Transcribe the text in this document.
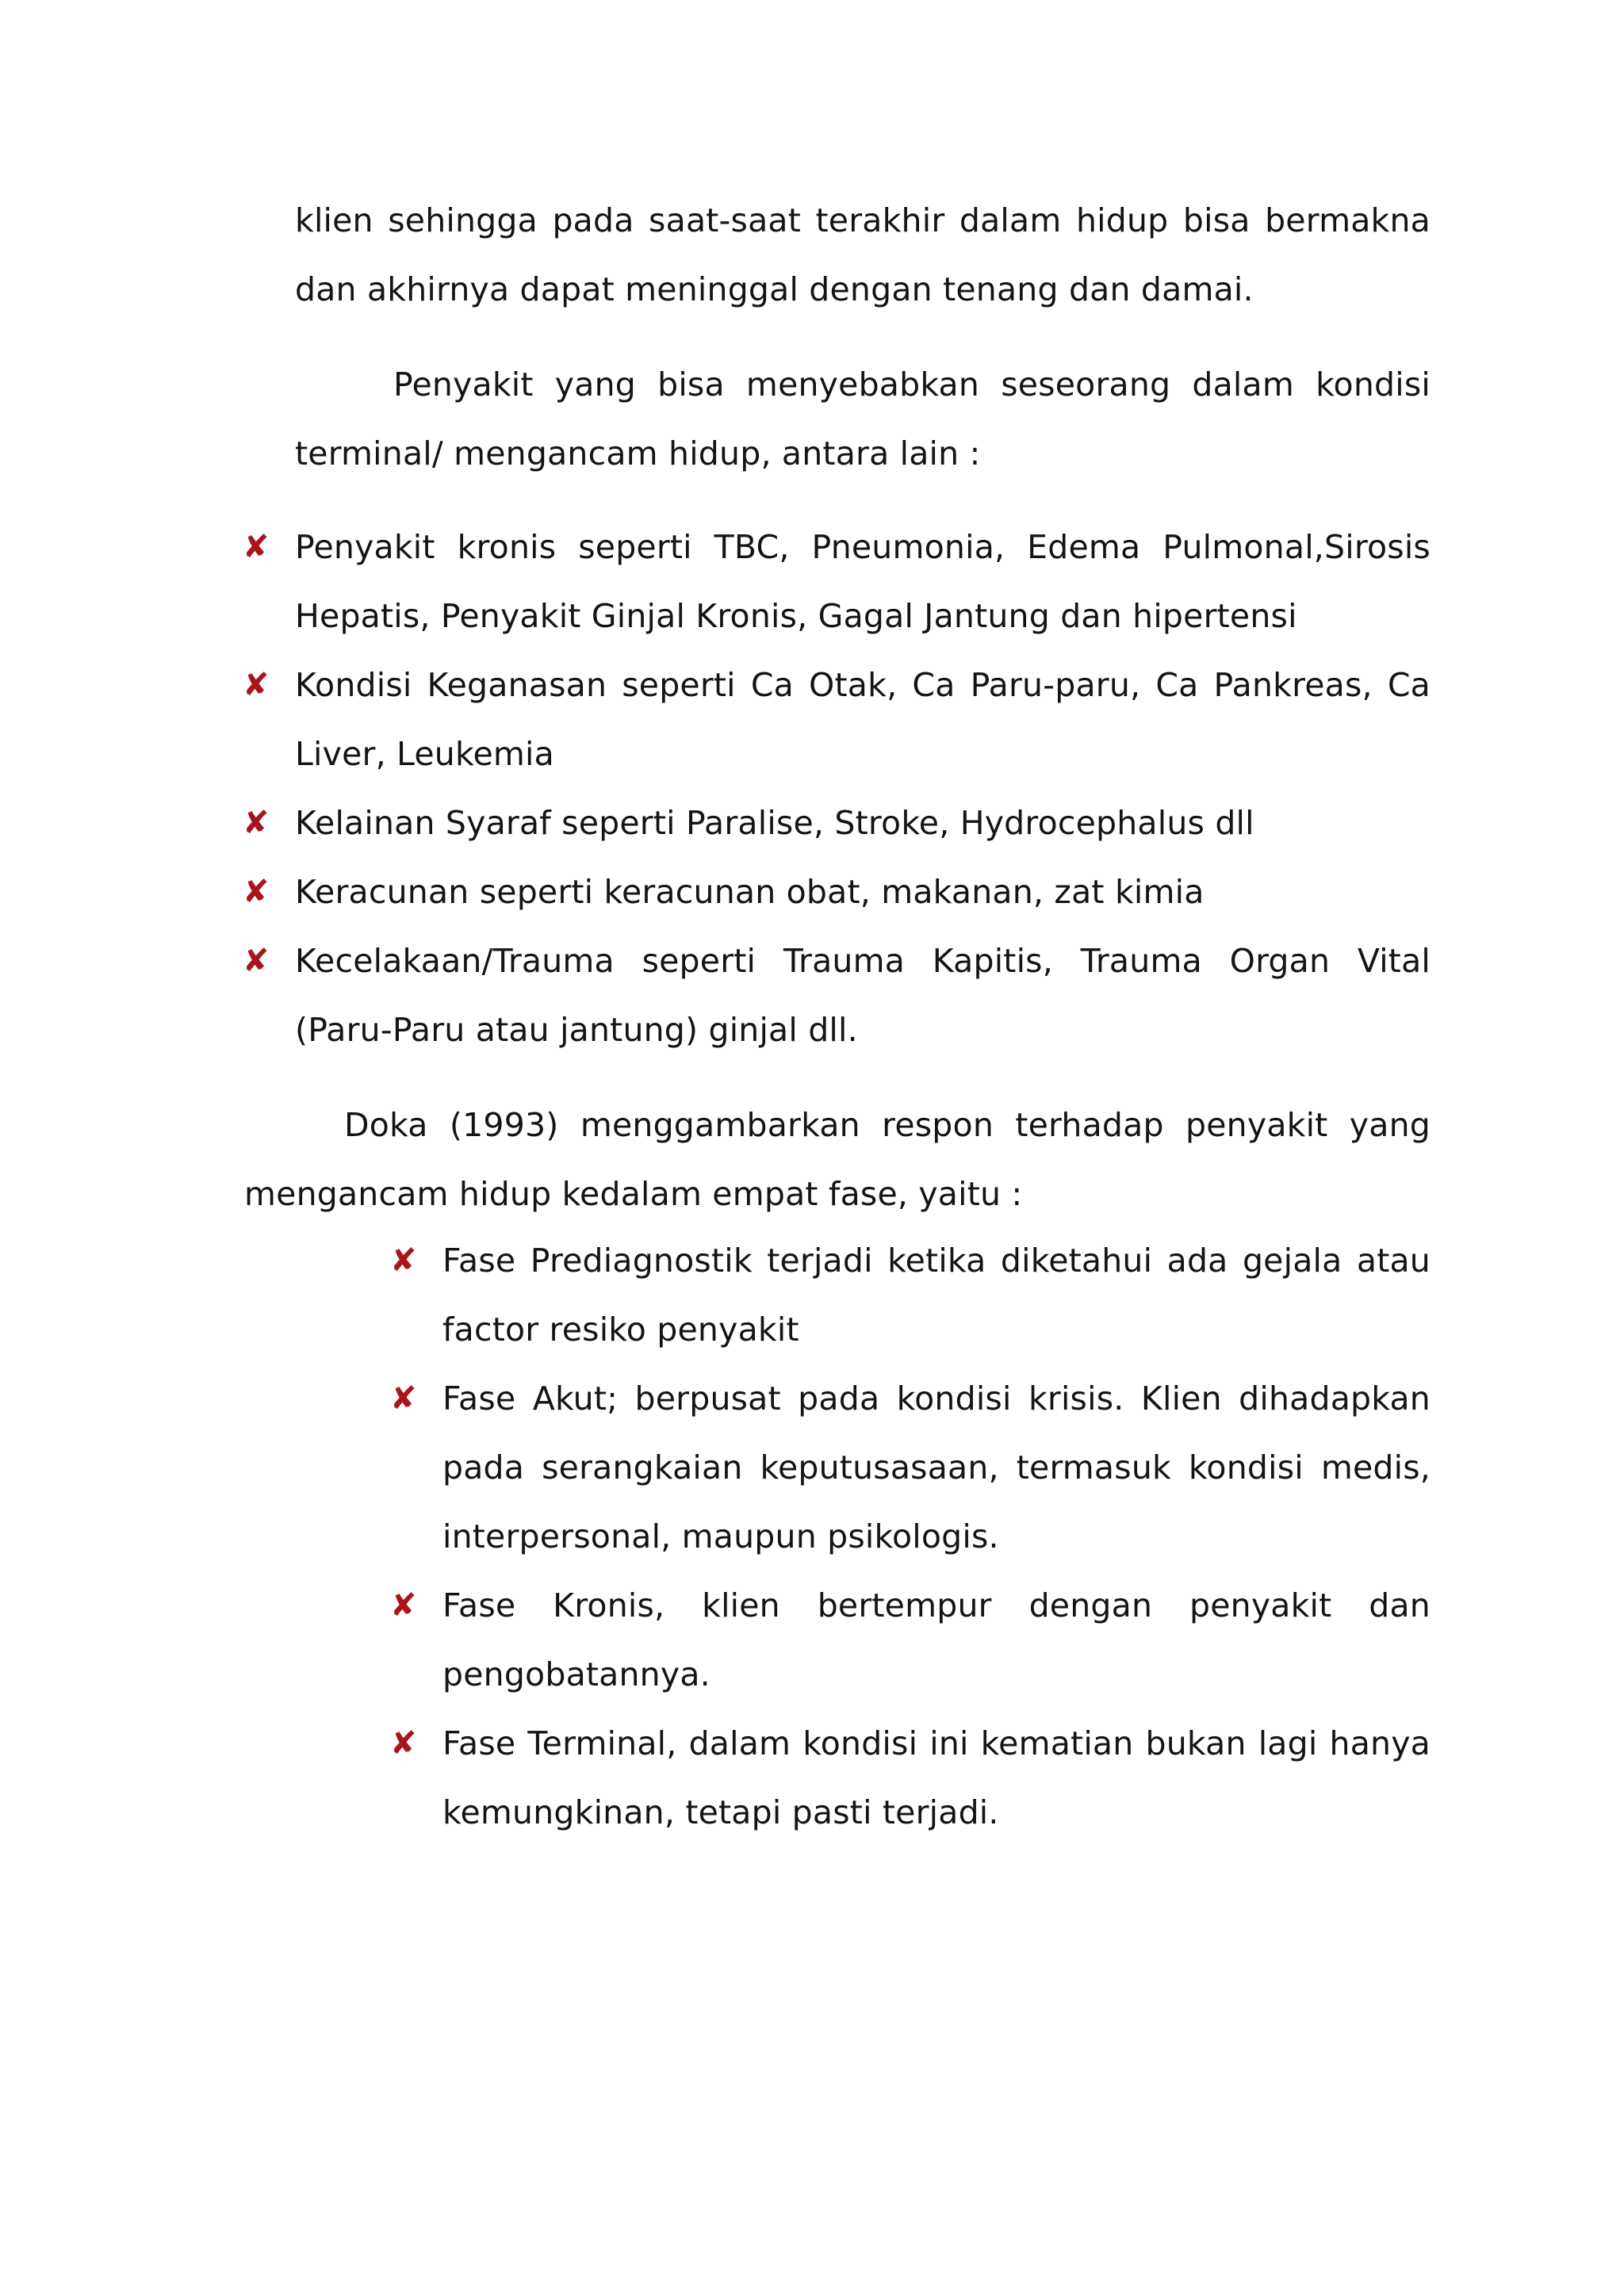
klien sehingga pada saat-saat terakhir dalam hidup bisa bermakna dan akhirnya dapat meninggal dengan tenang dan damai.

Penyakit yang bisa menyebabkan seseorang dalam kondisi terminal/ mengancam hidup, antara lain :

✘ Penyakit kronis seperti TBC, Pneumonia, Edema Pulmonal,Sirosis Hepatis, Penyakit Ginjal Kronis, Gagal Jantung dan hipertensi
✘ Kondisi Keganasan seperti Ca Otak, Ca Paru-paru, Ca Pankreas, Ca Liver, Leukemia
✘ Kelainan Syaraf seperti Paralise, Stroke, Hydrocephalus dll
✘ Keracunan seperti keracunan obat, makanan, zat kimia
✘ Kecelakaan/Trauma seperti Trauma Kapitis, Trauma Organ Vital (Paru-Paru atau jantung) ginjal dll.

Doka (1993) menggambarkan respon terhadap penyakit yang mengancam hidup kedalam empat fase, yaitu :

✘ Fase Prediagnostik terjadi ketika diketahui ada gejala atau factor resiko penyakit
✘ Fase Akut; berpusat pada kondisi krisis. Klien dihadapkan pada serangkaian keputusasaan, termasuk kondisi medis, interpersonal, maupun psikologis.
✘ Fase Kronis, klien bertempur dengan penyakit dan pengobatannya.
✘ Fase Terminal, dalam kondisi ini kematian bukan lagi hanya kemungkinan, tetapi pasti terjadi.
